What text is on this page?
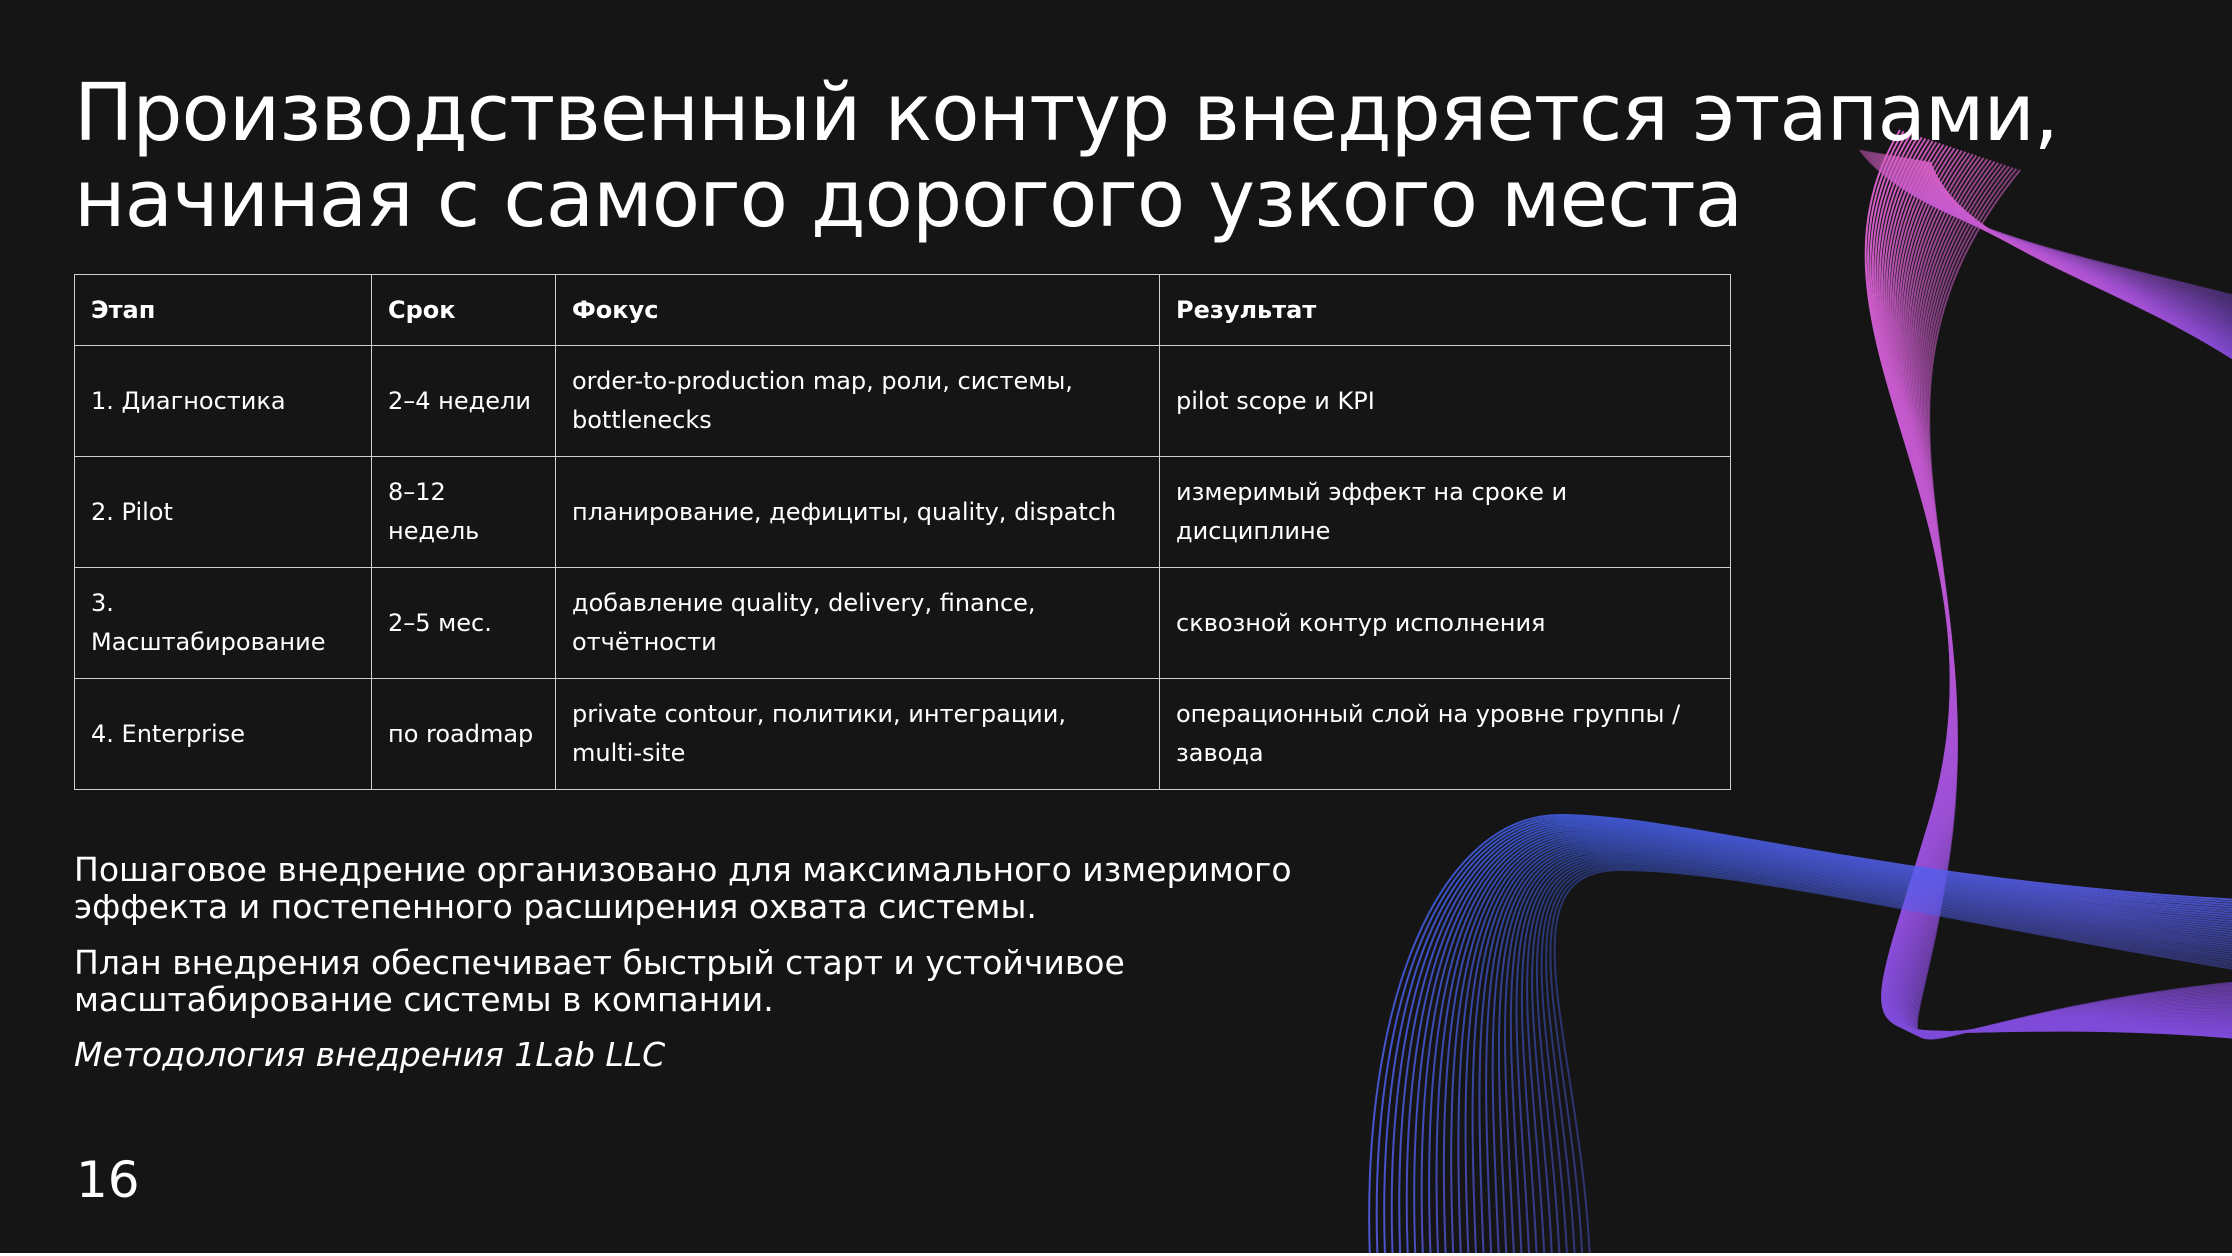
Производственный контур внедряется этапами,
начиная с самого дорогого узкого места
Этап	Срок	Фокус	Результат
1. Диагностика	2–4 недели	order-to-production map, роли, системы, bottlenecks	pilot scope и KPI
2. Pilot	8–12 недель	планирование, дефициты, quality, dispatch	измеримый эффект на сроке и дисциплине
3. Масштабирование	2–5 мес.	добавление quality, delivery, finance, отчётности	сквозной контур исполнения
4. Enterprise	по roadmap	private contour, политики, интеграции, multi-site	операционный слой на уровне группы / завода

Пошаговое внедрение организовано для максимального измеримого эффекта и постепенного расширения охвата системы.

План внедрения обеспечивает быстрый старт и устойчивое масштабирование системы в компании.

Методология внедрения 1Lab LLC

16
